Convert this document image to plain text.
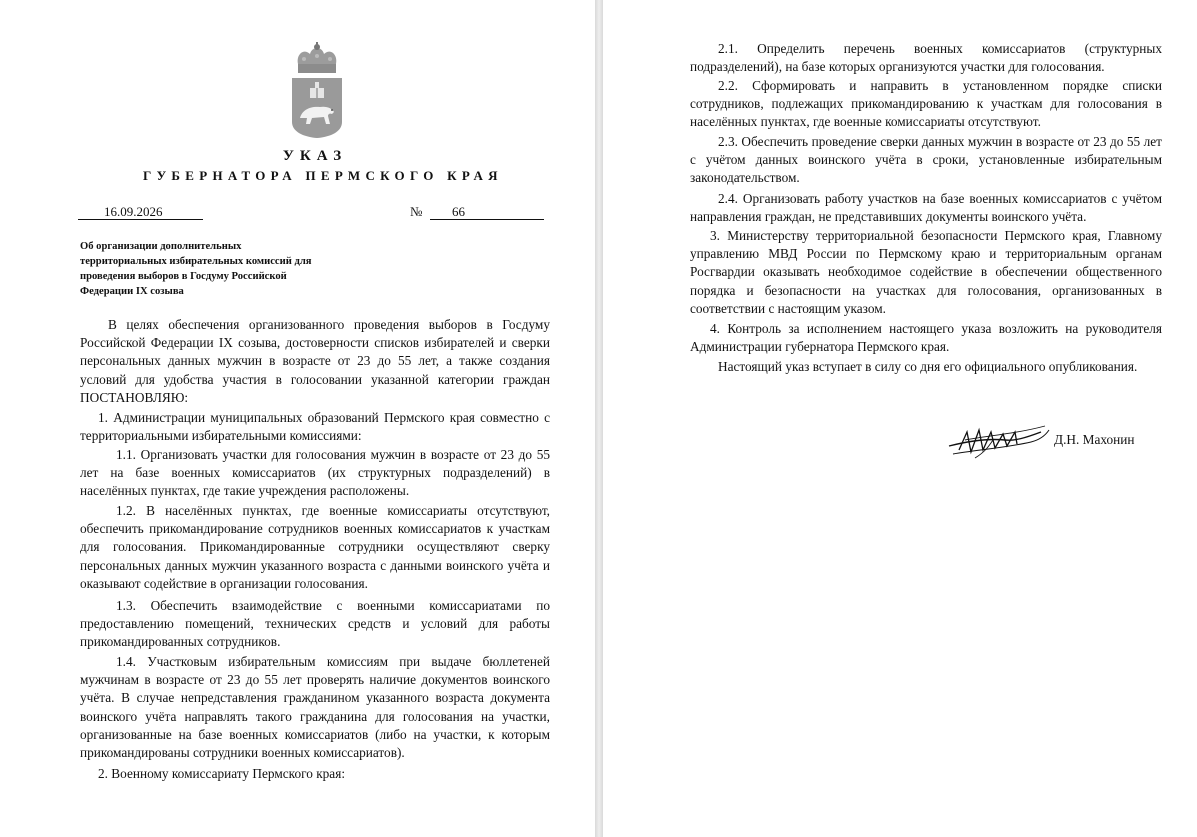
УКАЗ
ГУБЕРНАТОРА ПЕРМСКОГО КРАЯ
16.09.2026	№ 66
Об организации дополнительных территориальных избирательных комиссий для проведения выборов в Госдуму Российской Федерации IX созыва
В целях обеспечения организованного проведения выборов в Госдуму Российской Федерации IX созыва, достоверности списков избирателей и сверки персональных данных мужчин в возрасте от 23 до 55 лет, а также создания условий для удобства участия в голосовании указанной категории граждан ПОСТАНОВЛЯЮ:
1. Администрации муниципальных образований Пермского края совместно с территориальными избирательными комиссиями:
1.1. Организовать участки для голосования мужчин в возрасте от 23 до 55 лет на базе военных комиссариатов (их структурных подразделений) в населённых пунктах, где такие учреждения расположены.
1.2. В населённых пунктах, где военные комиссариаты отсутствуют, обеспечить прикомандирование сотрудников военных комиссариатов к участкам для голосования. Прикомандированные сотрудники осуществляют сверку персональных данных мужчин указанного возраста с данными воинского учёта и оказывают содействие в организации голосования.
1.3. Обеспечить взаимодействие с военными комиссариатами по предоставлению помещений, технических средств и условий для работы прикомандированных сотрудников.
1.4. Участковым избирательным комиссиям при выдаче бюллетеней мужчинам в возрасте от 23 до 55 лет проверять наличие документов воинского учёта. В случае непредставления гражданином указанного возраста документа воинского учёта направлять такого гражданина для голосования на участки, организованные на базе военных комиссариатов (либо на участки, к которым прикомандированы сотрудники военных комиссариатов).
2. Военному комиссариату Пермского края:
2.1. Определить перечень военных комиссариатов (структурных подразделений), на базе которых организуются участки для голосования.
2.2. Сформировать и направить в установленном порядке списки сотрудников, подлежащих прикомандированию к участкам для голосования в населённых пунктах, где военные комиссариаты отсутствуют.
2.3. Обеспечить проведение сверки данных мужчин в возрасте от 23 до 55 лет с учётом данных воинского учёта в сроки, установленные избирательным законодательством.
2.4. Организовать работу участков на базе военных комиссариатов с учётом направления граждан, не представивших документы воинского учёта.
3. Министерству территориальной безопасности Пермского края, Главному управлению МВД России по Пермскому краю и территориальным органам Росгвардии оказывать необходимое содействие в обеспечении общественного порядка и безопасности на участках для голосования, организованных в соответствии с настоящим указом.
4. Контроль за исполнением настоящего указа возложить на руководителя Администрации губернатора Пермского края.
Настоящий указ вступает в силу со дня его официального опубликования.
Д.Н. Махонин
